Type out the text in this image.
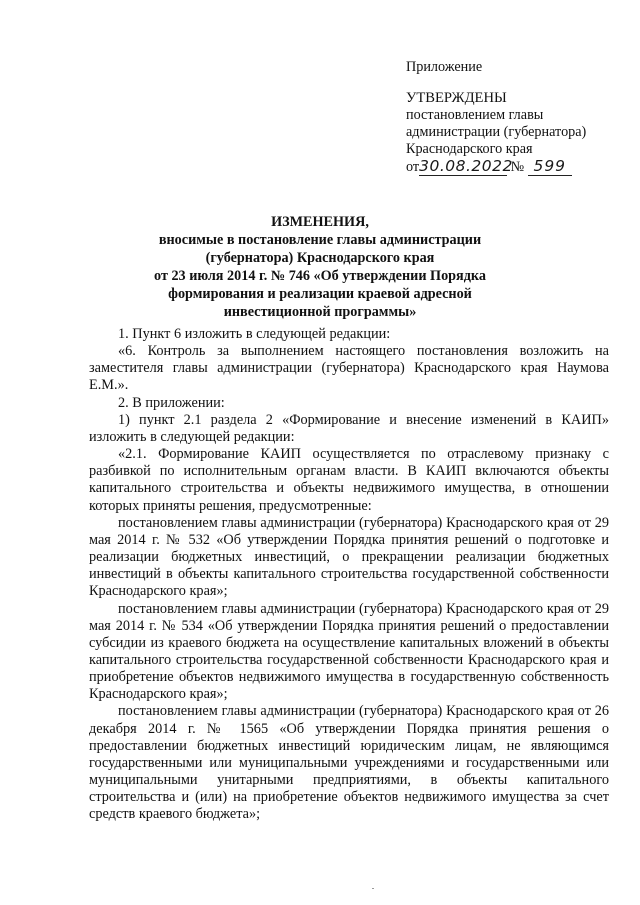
Приложение
УТВЕРЖДЕНЫ
постановлением главы
администрации (губернатора)
Краснодарского края
от30.08.2022 № 599
ИЗМЕНЕНИЯ,
вносимые в постановление главы администрации
(губернатора) Краснодарского края
от 23 июля 2014 г. № 746 «Об утверждении Порядка
формирования и реализации краевой адресной
инвестиционной программы»

1. Пункт 6 изложить в следующей редакции:

«6. Контроль за выполнением настоящего постановления возложить на заместителя главы администрации (губернатора) Краснодарского края Наумова Е.М.».

2. В приложении:

1) пункт 2.1 раздела 2 «Формирование и внесение изменений в КАИП» изложить в следующей редакции:

«2.1. Формирование КАИП осуществляется по отраслевому признаку с разбивкой по исполнительным органам власти. В КАИП включаются объекты капитального строительства и объекты недвижимого имущества, в отношении которых приняты решения, предусмотренные:

постановлением главы администрации (губернатора) Краснодарского края от 29 мая 2014 г. № 532 «Об утверждении Порядка принятия решений о подготовке и реализации бюджетных инвестиций, о прекращении реализации бюджетных инвестиций в объекты капитального строительства государственной собственности Краснодарского края»;

постановлением главы администрации (губернатора) Краснодарского края от 29 мая 2014 г. № 534 «Об утверждении Порядка принятия решений о предоставлении субсидии из краевого бюджета на осуществление капитальных вложений в объекты капитального строительства государственной собственности Краснодарского края и приобретение объектов недвижимого имущества в государственную собственность Краснодарского края»;

постановлением главы администрации (губернатора) Краснодарского края от 26 декабря 2014 г. № 1565 «Об утверждении Порядка принятия решения о предоставлении бюджетных инвестиций юридическим лицам, не являющимся государственными или муниципальными учреждениями и государственными или муниципальными унитарными предприятиями, в объекты капитального строительства и (или) на приобретение объектов недвижимого имущества за счет средств краевого бюджета»;
